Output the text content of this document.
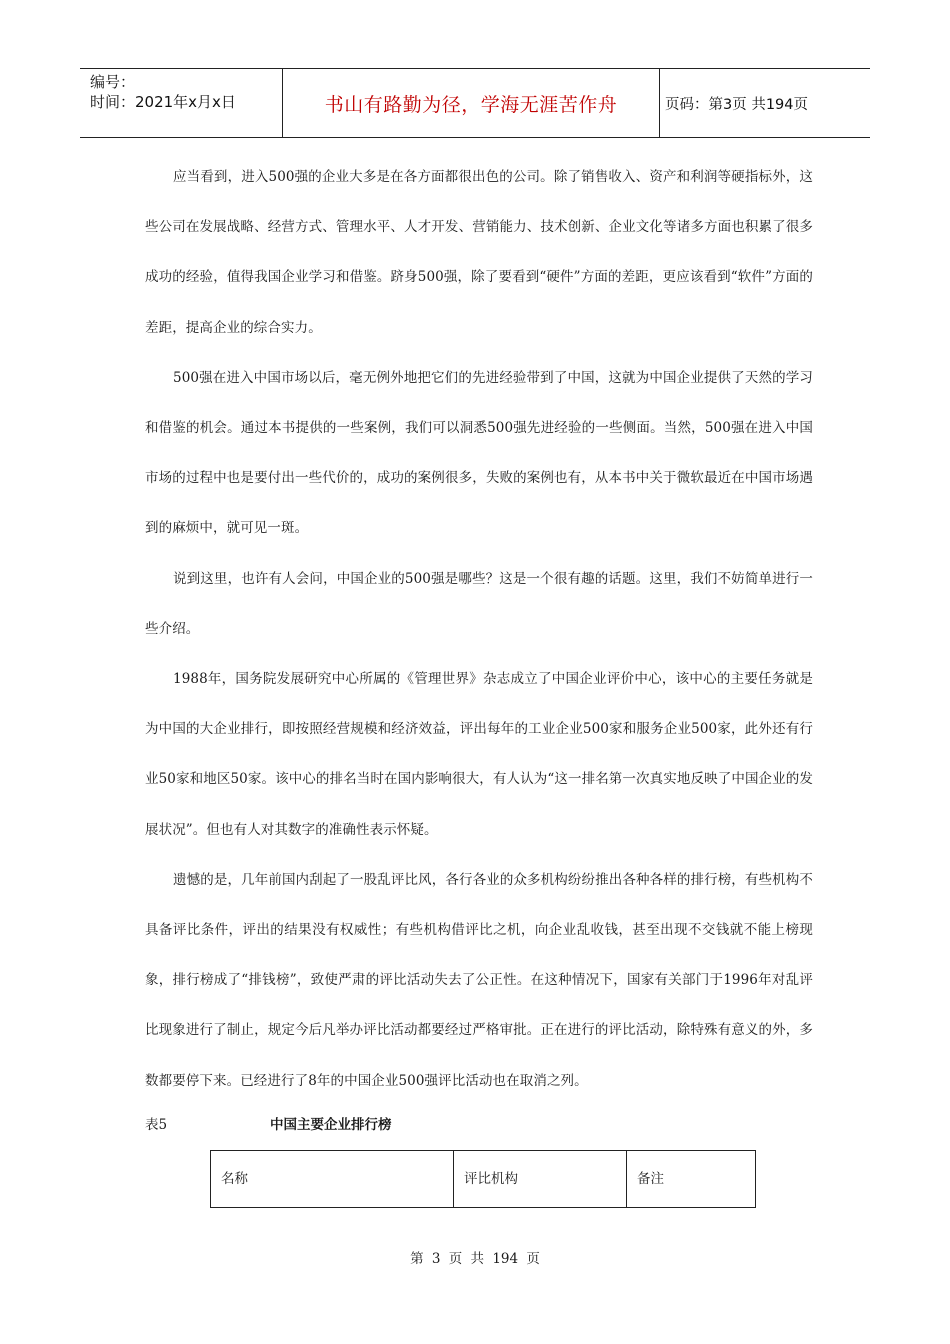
编号：
时间：2021年x月x日	书山有路勤为径，学海无涯苦作舟	页码：第3页 共194页

应当看到，进入500强的企业大多是在各方面都很出色的公司。除了销售收入、资产和利润等硬指标外，这些公司在发展战略、经营方式、管理水平、人才开发、营销能力、技术创新、企业文化等诸多方面也积累了很多成功的经验，值得我国企业学习和借鉴。跻身500强，除了要看到“硬件”方面的差距，更应该看到“软件”方面的差距，提高企业的综合实力。

500强在进入中国市场以后，毫无例外地把它们的先进经验带到了中国，这就为中国企业提供了天然的学习和借鉴的机会。通过本书提供的一些案例，我们可以洞悉500强先进经验的一些侧面。当然，500强在进入中国市场的过程中也是要付出一些代价的，成功的案例很多，失败的案例也有，从本书中关于微软最近在中国市场遇到的麻烦中，就可见一斑。

说到这里，也许有人会问，中国企业的500强是哪些？这是一个很有趣的话题。这里，我们不妨简单进行一些介绍。

1988年，国务院发展研究中心所属的《管理世界》杂志成立了中国企业评价中心，该中心的主要任务就是为中国的大企业排行，即按照经营规模和经济效益，评出每年的工业企业500家和服务企业500家，此外还有行业50家和地区50家。该中心的排名当时在国内影响很大，有人认为“这一排名第一次真实地反映了中国企业的发展状况”。但也有人对其数字的准确性表示怀疑。

遗憾的是，几年前国内刮起了一股乱评比风，各行各业的众多机构纷纷推出各种各样的排行榜，有些机构不具备评比条件，评出的结果没有权威性；有些机构借评比之机，向企业乱收钱，甚至出现不交钱就不能上榜现象，排行榜成了“排钱榜”，致使严肃的评比活动失去了公正性。在这种情况下，国家有关部门于1996年对乱评比现象进行了制止，规定今后凡举办评比活动都要经过严格审批。正在进行的评比活动，除特殊有意义的外，多数都要停下来。已经进行了8年的中国企业500强评比活动也在取消之列。

表5	中国主要企业排行榜
名称	评比机构	备注
第 3 页 共 194 页
